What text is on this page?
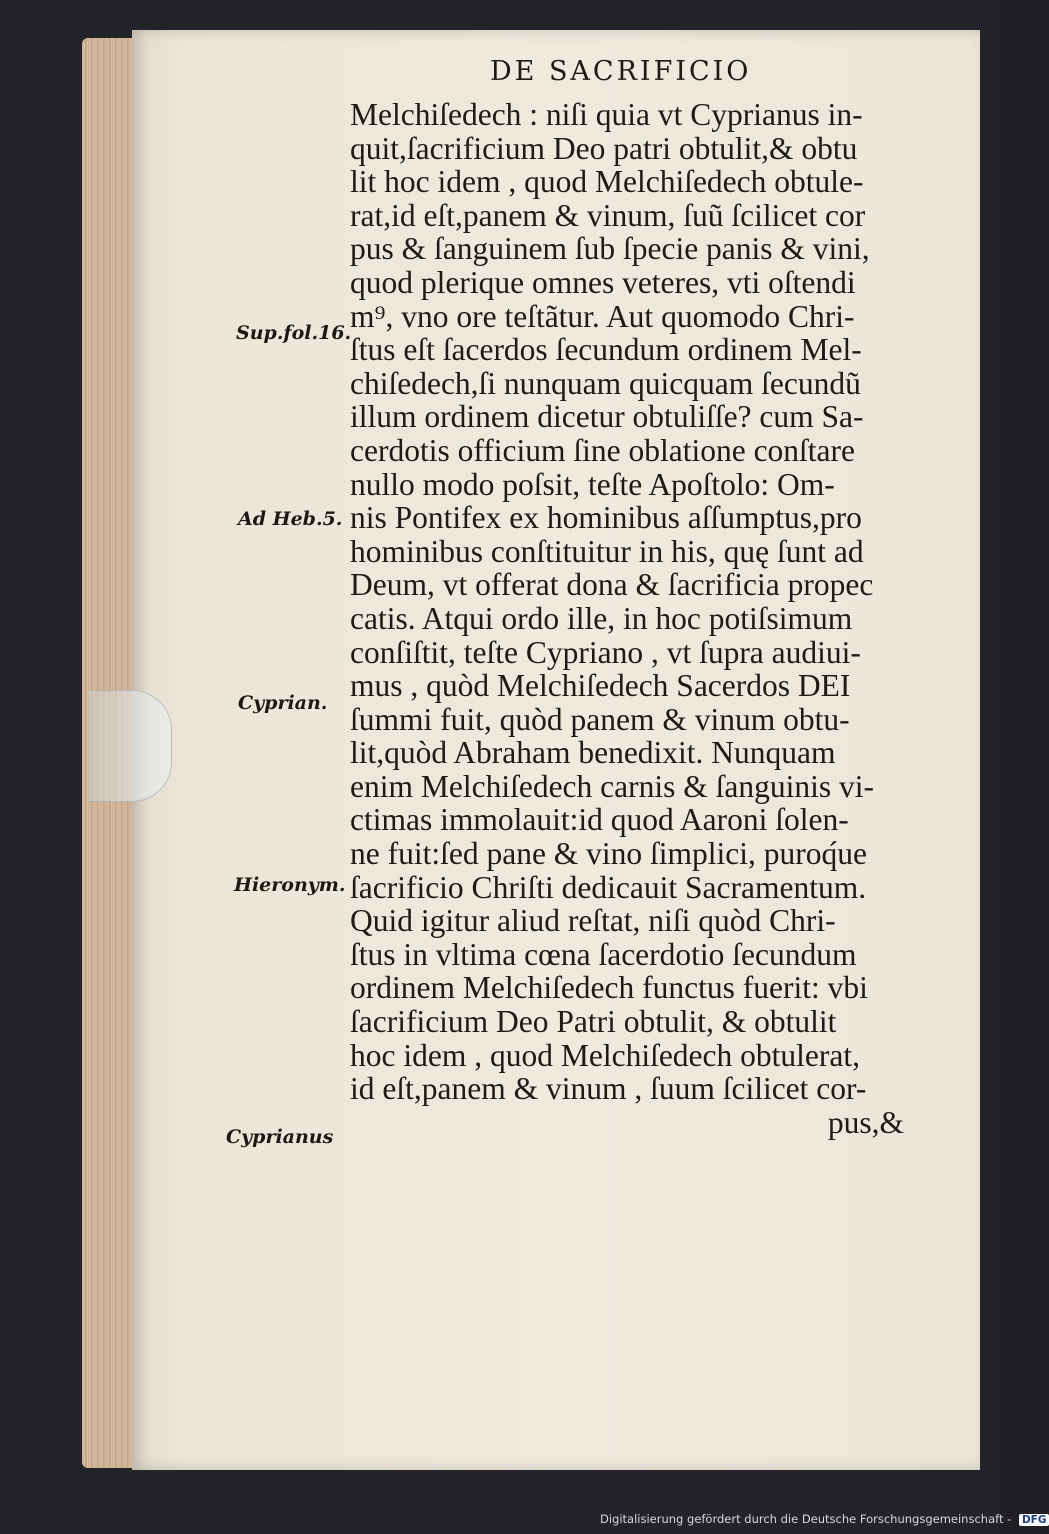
DE SACRIFICIO
Melchiſedech : niſi quia vt Cyprianus in-
quit,ſacrificium Deo patri obtulit,& obtu
lit hoc idem , quod Melchiſedech obtule-
rat,id eſt,panem & vinum, ſuũ ſcilicet cor
pus & ſanguinem ſub ſpecie panis & vini,
quod plerique omnes veteres, vti oſtendi
m⁹, vno ore teſtãtur. Aut quomodo Chri-
ſtus eſt ſacerdos ſecundum ordinem Mel-
chiſedech,ſi nunquam quicquam ſecundũ
illum ordinem dicetur obtuliſſe? cum Sa-
cerdotis officium ſine oblatione conſtare
nullo modo poſsit, teſte Apoſtolo: Om-
nis Pontifex ex hominibus aſſumptus,pro
hominibus conſtituitur in his, quę ſunt ad
Deum, vt offerat dona & ſacrificia propec
catis. Atqui ordo ille, in hoc potiſsimum
conſiſtit, teſte Cypriano , vt ſupra audiui-
mus , quòd Melchiſedech Sacerdos DEI
ſummi fuit, quòd panem & vinum obtu-
lit,quòd Abraham benedixit. Nunquam
enim Melchiſedech carnis & ſanguinis vi-
ctimas immolauit:id quod Aaroni ſolen-
ne fuit:ſed pane & vino ſimplici, puroq́ue
ſacrificio Chriſti dedicauit Sacramentum.
Quid igitur aliud reſtat, niſi quòd Chri-
ſtus in vltima cœna ſacerdotio ſecundum
ordinem Melchiſedech functus fuerit: vbi
ſacrificium Deo Patri obtulit, & obtulit
hoc idem , quod Melchiſedech obtulerat,
id eſt,panem & vinum , ſuum ſcilicet cor-
pus,&
Sup.fol.16.
Ad Heb.5.
Cyprian.
Hieronym.
Cyprianus
Digitalisierung gefördert durch die Deutsche Forschungsgemeinschaft - DFG
